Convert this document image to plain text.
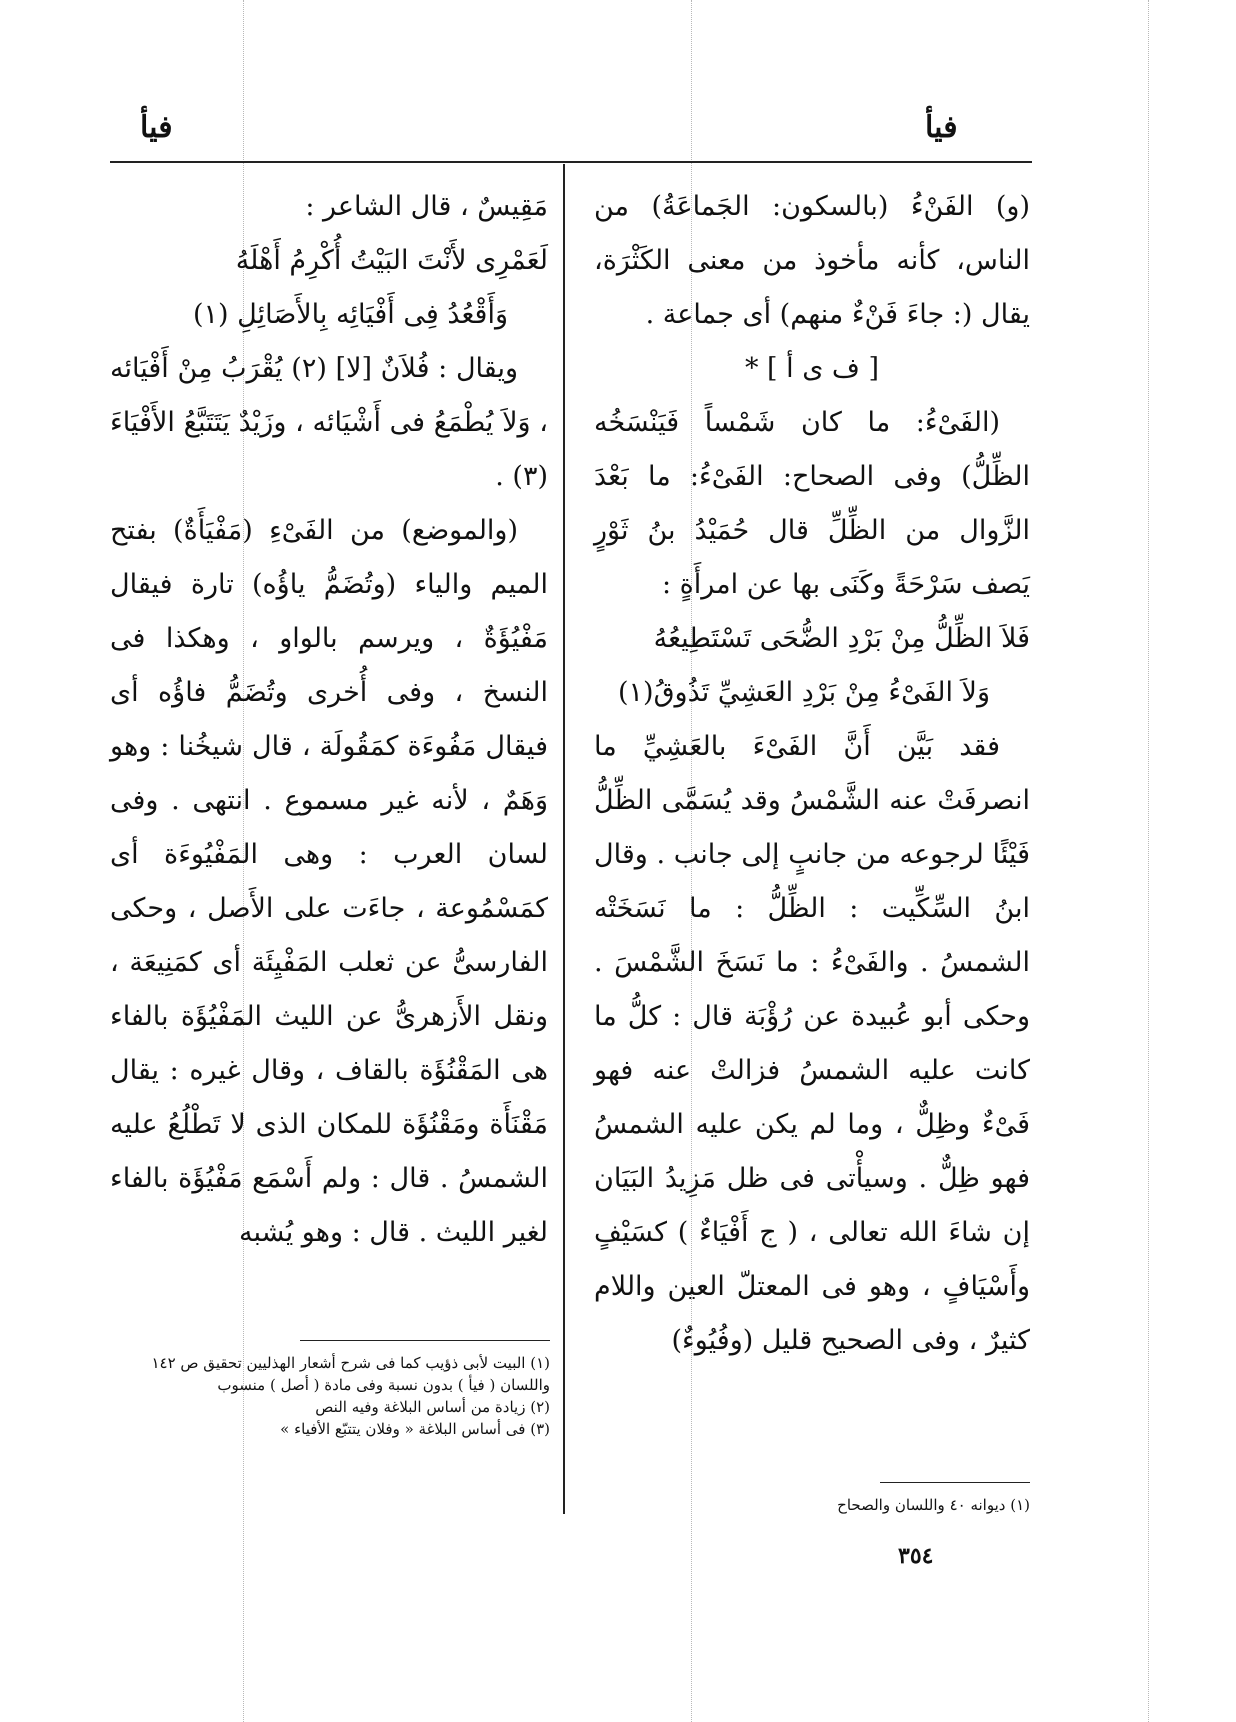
فيأ	فيأ

(و) الفَنْءُ (بالسكون: الجَماعَةُ) من الناس، كأنه مأخوذ من معنى الكَثْرَة، يقال (: جاءَ فَنْءٌ منهم) أى جماعة .

[ ف ى أ ] *

(الفَىْءُ: ما كان شَمْساً فَيَنْسَخُه الظِّلُّ) وفى الصحاح: الفَىْءُ: ما بَعْدَ الزَّوال من الظِّلِّ قال حُمَيْدُ بنُ ثَوْرٍ يَصف سَرْحَةً وكَنَى بها عن امرأَةٍ :

فَلاَ الظِّلُّ مِنْ بَرْدِ الضُّحَى تَسْتَطِيعُهُ
وَلاَ الفَىْءُ مِنْ بَرْدِ العَشِيِّ تَذُوقُ(١)

فقد بَيَّن أَنَّ الفَىْءَ بالعَشِيِّ ما انصرفَتْ عنه الشَّمْسُ وقد يُسَمَّى الظِّلُّ فَيْئًا لرجوعه من جانبٍ إلى جانب . وقال ابنُ السِّكِّيت : الظِّلُّ : ما نَسَخَتْه الشمسُ . والفَىْءُ : ما نَسَخَ الشَّمْسَ . وحكى أبو عُبيدة عن رُؤْبَة قال : كلُّ ما كانت عليه الشمسُ فزالتْ عنه فهو فَىْءٌ وظِلٌّ ، وما لم يكن عليه الشمسُ فهو ظِلٌّ . وسيأْتى فى ظل مَزِيدُ البَيَان إن شاءَ الله تعالى ، ( ج أَفْيَاءٌ ) كسَيْفٍ وأَسْيَافٍ ، وهو فى المعتلّ العين واللام كثيرٌ ، وفى الصحيح قليل (وفُيُوءٌ)

مَقِيسٌ ، قال الشاعر :

لَعَمْرِى لأَنْتَ البَيْتُ أُكْرِمُ أَهْلَهُ
وَأَقْعُدُ فِى أَفْيَائِه بِالأَصَائِلِ (١)

ويقال : فُلاَنٌ [لا] (٢) يُقْرَبُ مِنْ أَفْيَائه ، وَلاَ يُطْمَعُ فى أَشْيَائه ، وزَيْدٌ يَتَتَبَّعُ الأَفْيَاءَ (٣) .

(والموضع) من الفَىْءِ (مَفْيَأَةٌ) بفتح الميم والياء (وتُضَمُّ ياؤُه) تارة فيقال مَفْيُؤَةٌ ، ويرسم بالواو ، وهكذا فى النسخ ، وفى أُخرى وتُضَمُّ فاؤُه أى فيقال مَفُوءَة كمَقُولَة ، قال شيخُنا : وهو وَهَمٌ ، لأنه غير مسموع . انتهى . وفى لسان العرب : وهى المَفْيُوءَة أى كمَسْمُوعة ، جاءَت على الأَصل ، وحكى الفارسىُّ عن ثعلب المَفْيِئَة أى كمَنِيعَة ، ونقل الأَزهرىُّ عن الليث المَفْيُؤَة بالفاء هى المَقْنُؤَة بالقاف ، وقال غيره : يقال مَقْنَأَة ومَقْنُؤَة للمكان الذى لا تَطْلُعُ عليه الشمسُ . قال : ولم أَسْمَع مَفْيُؤَة بالفاء لغير الليث . قال : وهو يُشبه

(١) البيت لأبى ذؤيب كما فى شرح أشعار الهذليين تحقيق ص ١٤٢ واللسان ( فيأ ) بدون نسبة وفى مادة ( أصل ) منسوب

(٢) زيادة من أساس البلاغة وفيه النص

(٣) فى أساس البلاغة « وفلان يتتبّع الأفياء »

(١) ديوانه ٤٠ واللسان والصحاح

٣٥٤
